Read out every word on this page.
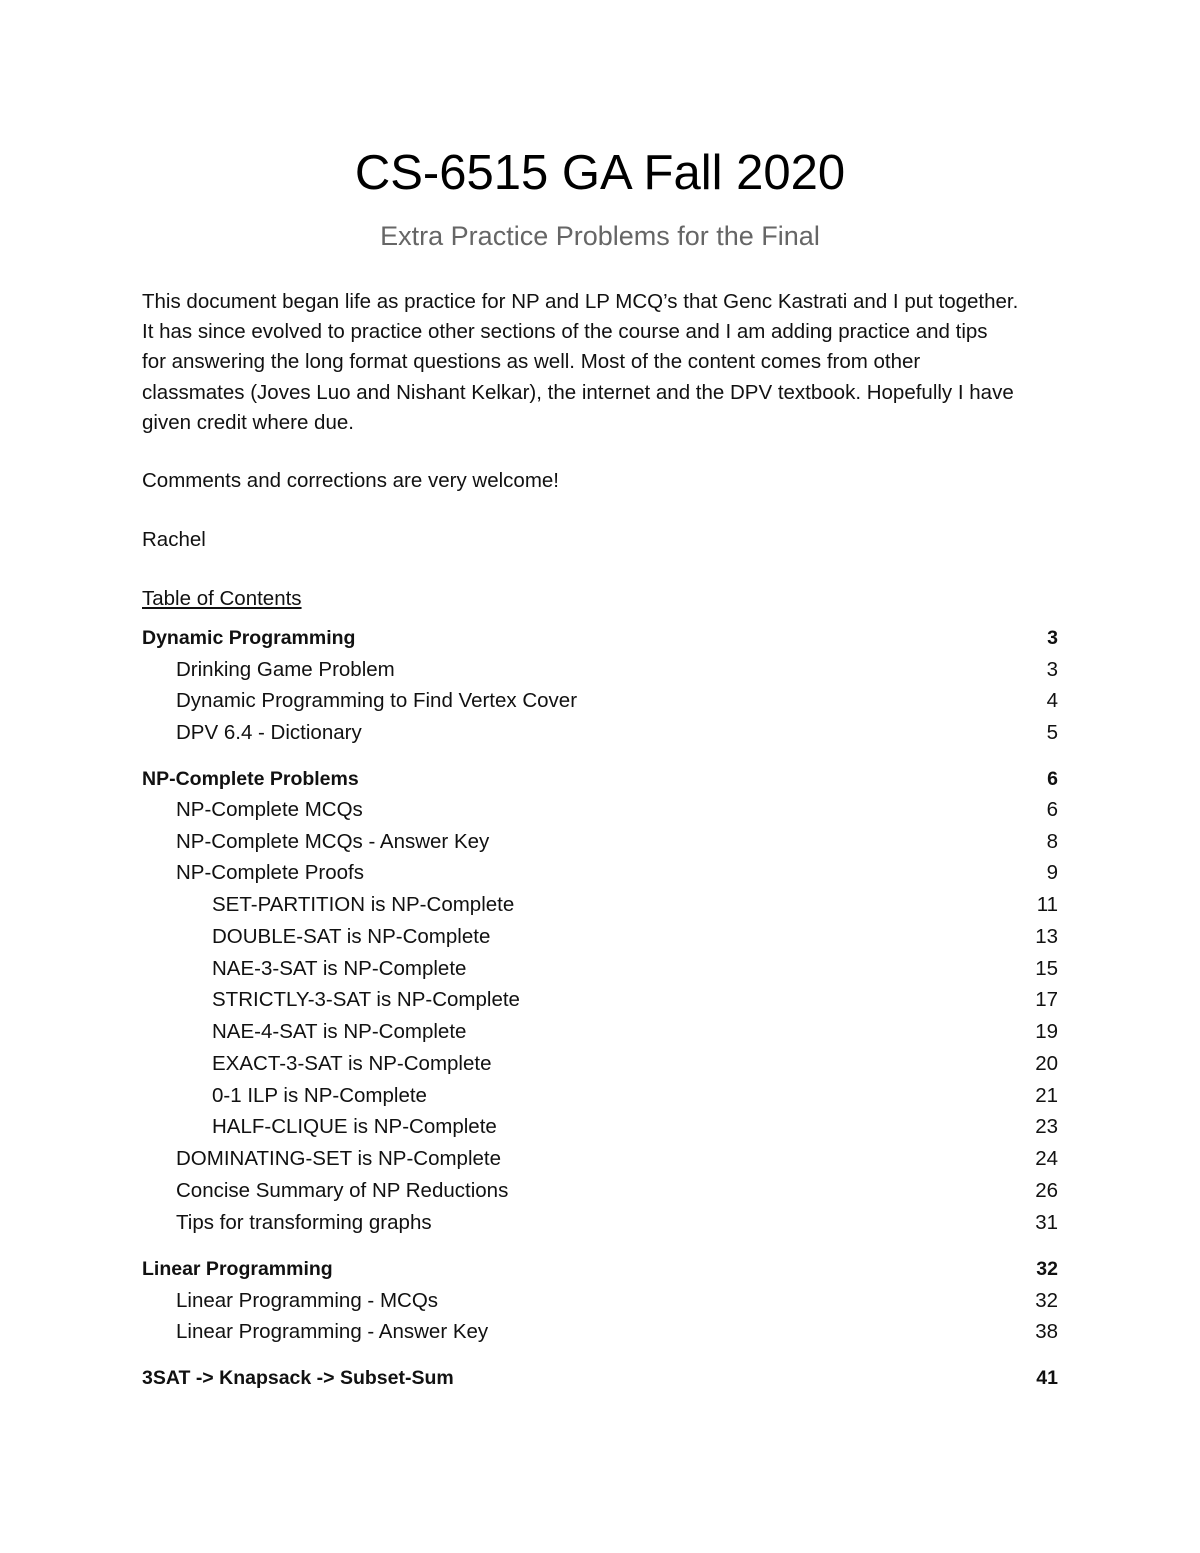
CS-6515 GA Fall 2020
Extra Practice Problems for the Final
This document began life as practice for NP and LP MCQ’s that Genc Kastrati and I put together.
It has since evolved to practice other sections of the course and I am adding practice and tips
for answering the long format questions as well. Most of the content comes from other
classmates (Joves Luo and Nishant Kelkar), the internet and the DPV textbook. Hopefully I have
given credit where due.

Comments and corrections are very welcome!

Rachel

Table of Contents

Dynamic Programming	3
Drinking Game Problem	3
Dynamic Programming to Find Vertex Cover	4
DPV 6.4 - Dictionary	5
NP-Complete Problems	6
NP-Complete MCQs	6
NP-Complete MCQs - Answer Key	8
NP-Complete Proofs	9
SET-PARTITION is NP-Complete	11
DOUBLE-SAT is NP-Complete	13
NAE-3-SAT is NP-Complete	15
STRICTLY-3-SAT is NP-Complete	17
NAE-4-SAT is NP-Complete	19
EXACT-3-SAT is NP-Complete	20
0-1 ILP is NP-Complete	21
HALF-CLIQUE is NP-Complete	23
DOMINATING-SET is NP-Complete	24
Concise Summary of NP Reductions	26
Tips for transforming graphs	31
Linear Programming	32
Linear Programming - MCQs	32
Linear Programming - Answer Key	38
3SAT -> Knapsack -> Subset-Sum	41
